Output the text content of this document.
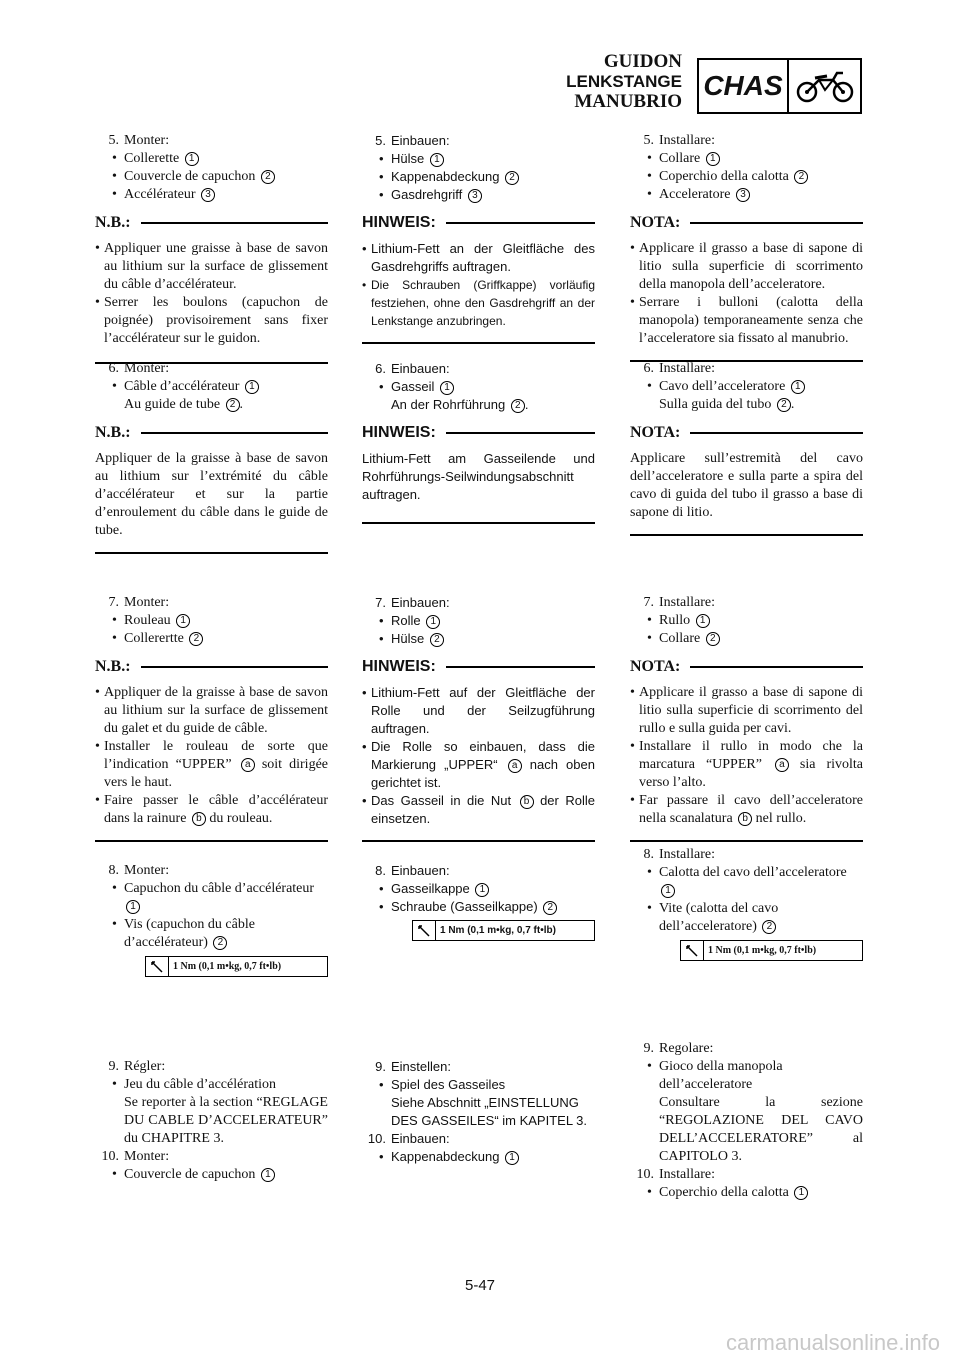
GUIDON
LENKSTANGE
MANUBRIO
CHAS

5. Monter:

• Collerette 1
• Couvercle de capuchon 2
• Accélérateur 3
N.B.:
• Appliquer une graisse à base de savon au lithium sur la surface de glissement du câble d’accélérateur.
• Serrer les boulons (capuchon de poignée) provisoirement sans fixer l’accélérateur sur le guidon.

6. Monter:

• Câble d’accélérateur 1
Au guide de tube 2 .
N.B.:

Appliquer de la graisse à base de savon au lithium sur l’extrémité du câble d’accélérateur et sur la partie d’enroulement du câble dans le guide de tube.

7. Monter:

• Rouleau 1
• Collerertte 2
N.B.:
• Appliquer de la graisse à base de savon au lithium sur la surface de glissement du galet et du guide de câble.
• Installer le rouleau de sorte que l’indication “UPPER” a soit dirigée vers le haut.
• Faire passer le câble d’accélérateur dans la rainure b du rouleau.

8. Monter:

• Capuchon du câble d’accélérateur 1
• Vis (capuchon du câble d’accélérateur) 2
1 Nm (0,1 m•kg, 0,7 ft•lb)

9. Régler:

• Jeu du câble d’accélération
Se reporter à la section “REGLAGE DU CABLE D’ACCELERATEUR” du CHAPITRE 3.

10. Monter:

• Couvercle de capuchon 1

5. Einbauen:

• Hülse 1
• Kappenabdeckung 2
• Gasdrehgriff 3
HINWEIS:
• Lithium-Fett an der Gleitfläche des Gasdrehgriffs auftragen.
• Die Schrauben (Griffkappe) vorläufig festziehen, ohne den Gasdrehgriff an der Lenkstange anzubringen.

6. Einbauen:

• Gasseil 1
An der Rohrführung 2 .
HINWEIS:

Lithium-Fett am Gasseilende und Rohrführungs-Seilwindungsabschnitt auftragen.

7. Einbauen:

• Rolle 1
• Hülse 2
HINWEIS:
• Lithium-Fett auf der Gleitfläche der Rolle und der Seilzugführung auftragen.
• Die Rolle so einbauen, dass die Markierung „UPPER“ a nach oben gerichtet ist.
• Das Gasseil in die Nut b der Rolle einsetzen.

8. Einbauen:

• Gasseilkappe 1
• Schraube (Gasseilkappe) 2
1 Nm (0,1 m•kg, 0,7 ft•lb)

9. Einstellen:

• Spiel des Gasseiles
Siehe Abschnitt „EINSTELLUNG DES GASSEILES“ im KAPITEL 3.

10. Einbauen:

• Kappenabdeckung 1

5. Installare:

• Collare 1
• Coperchio della calotta 2
• Acceleratore 3
NOTA:
• Applicare il grasso a base di sapone di litio sulla superficie di scorrimento della manopola dell’acceleratore.
• Serrare i bulloni (calotta della manopola) temporaneamente senza che l’acceleratore sia fissato al manubrio.

6. Installare:

• Cavo dell’acceleratore 1
Sulla guida del tubo 2 .
NOTA:

Applicare sull’estremità del cavo dell’acceleratore e sulla parte a spira del cavo di guida del tubo il grasso a base di sapone di litio.

7. Installare:

• Rullo 1
• Collare 2
NOTA:
• Applicare il grasso a base di sapone di litio sulla superficie di scorrimento del rullo e sulla guida per cavi.
• Installare il rullo in modo che la marcatura “UPPER” a sia rivolta verso l’alto.
• Far passare il cavo dell’acceleratore nella scanalatura b nel rullo.

8. Installare:

• Calotta del cavo dell’acceleratore 1
• Vite (calotta del cavo dell’acceleratore) 2
1 Nm (0,1 m•kg, 0,7 ft•lb)

9. Regolare:

• Gioco della manopola dell’acceleratore
Consultare la sezione “REGOLAZIONE DEL CAVO DELL’ACCELERATORE” al CAPITOLO 3.

10. Installare:

• Coperchio della calotta 1
5-47
carmanualsonline.info
